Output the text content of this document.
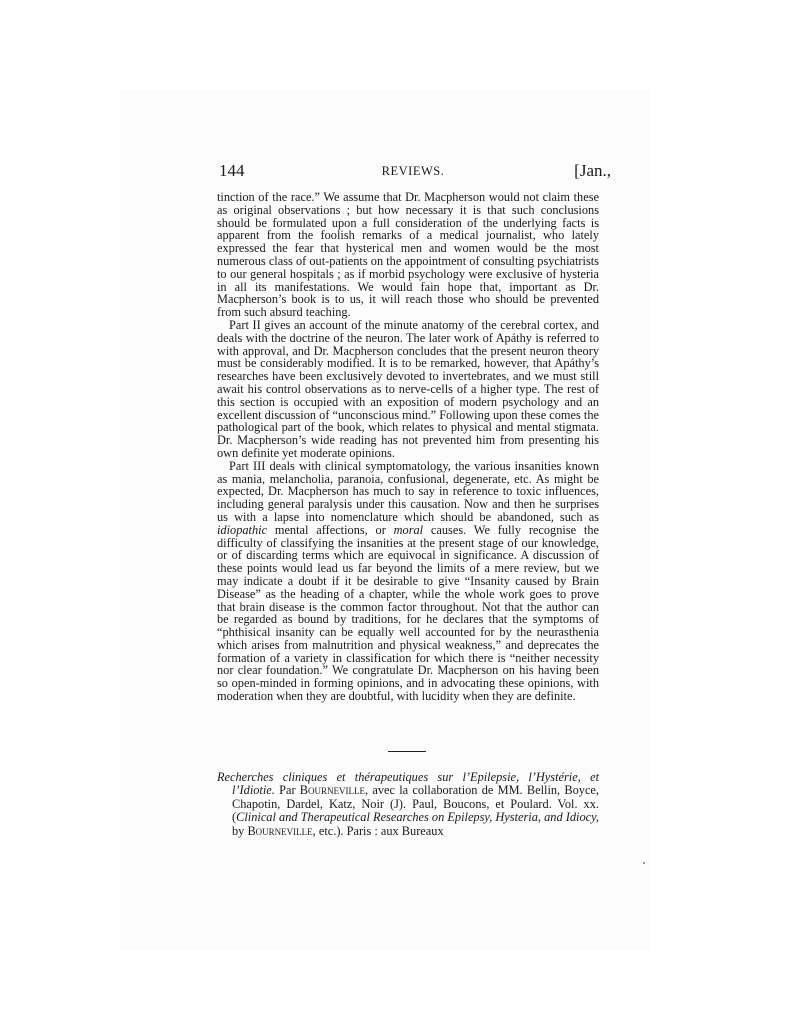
144	REVIEWS.	[Jan.,

tinction of the race.” We assume that Dr. Macpherson would not claim these as original observations ; but how necessary it is that such conclusions should be formulated upon a full consideration of the underlying facts is apparent from the foolish remarks of a medical journalist, who lately expressed the fear that hysterical men and women would be the most numerous class of out-patients on the appointment of consulting psychiatrists to our general hospitals ; as if morbid psychology were exclusive of hysteria in all its manifestations. We would fain hope that, important as Dr. Macpherson’s book is to us, it will reach those who should be prevented from such absurd teaching.

Part II gives an account of the minute anatomy of the cerebral cortex, and deals with the doctrine of the neuron. The later work of Apáthy is referred to with approval, and Dr. Macpherson concludes that the present neuron theory must be considerably modified. It is to be remarked, however, that Apáthy’s researches have been exclusively devoted to invertebrates, and we must still await his control observations as to nerve-cells of a higher type. The rest of this section is occupied with an exposition of modern psychology and an excellent discussion of “unconscious mind.” Following upon these comes the pathological part of the book, which relates to physical and mental stigmata. Dr. Macpherson’s wide reading has not prevented him from presenting his own definite yet moderate opinions.

Part III deals with clinical symptomatology, the various insanities known as mania, melancholia, paranoia, confusional, degenerate, etc. As might be expected, Dr. Macpherson has much to say in reference to toxic influences, including general paralysis under this causation. Now and then he surprises us with a lapse into nomenclature which should be abandoned, such as idiopathic mental affections, or moral causes. We fully recognise the difficulty of classifying the insanities at the present stage of our knowledge, or of discarding terms which are equivocal in significance. A discussion of these points would lead us far beyond the limits of a mere review, but we may indicate a doubt if it be desirable to give “Insanity caused by Brain Disease” as the heading of a chapter, while the whole work goes to prove that brain disease is the common factor throughout. Not that the author can be regarded as bound by traditions, for he declares that the symptoms of “phthisical insanity can be equally well accounted for by the neurasthenia which arises from malnutrition and physical weakness,” and deprecates the formation of a variety in classification for which there is “neither necessity nor clear foundation.” We congratulate Dr. Macpherson on his having been so open-minded in forming opinions, and in advocating these opinions, with moderation when they are doubtful, with lucidity when they are definite.

Recherches cliniques et thérapeutiques sur l’Epilepsie, l’Hystérie, et l’Idiotie. Par Bourneville, avec la collaboration de MM. Bellin, Boyce, Chapotin, Dardel, Katz, Noir (J). Paul, Boucons, et Poulard. Vol. xx. (Clinical and Therapeutical Researches on Epilepsy, Hysteria, and Idiocy, by Bourneville, etc.). Paris : aux Bureaux
